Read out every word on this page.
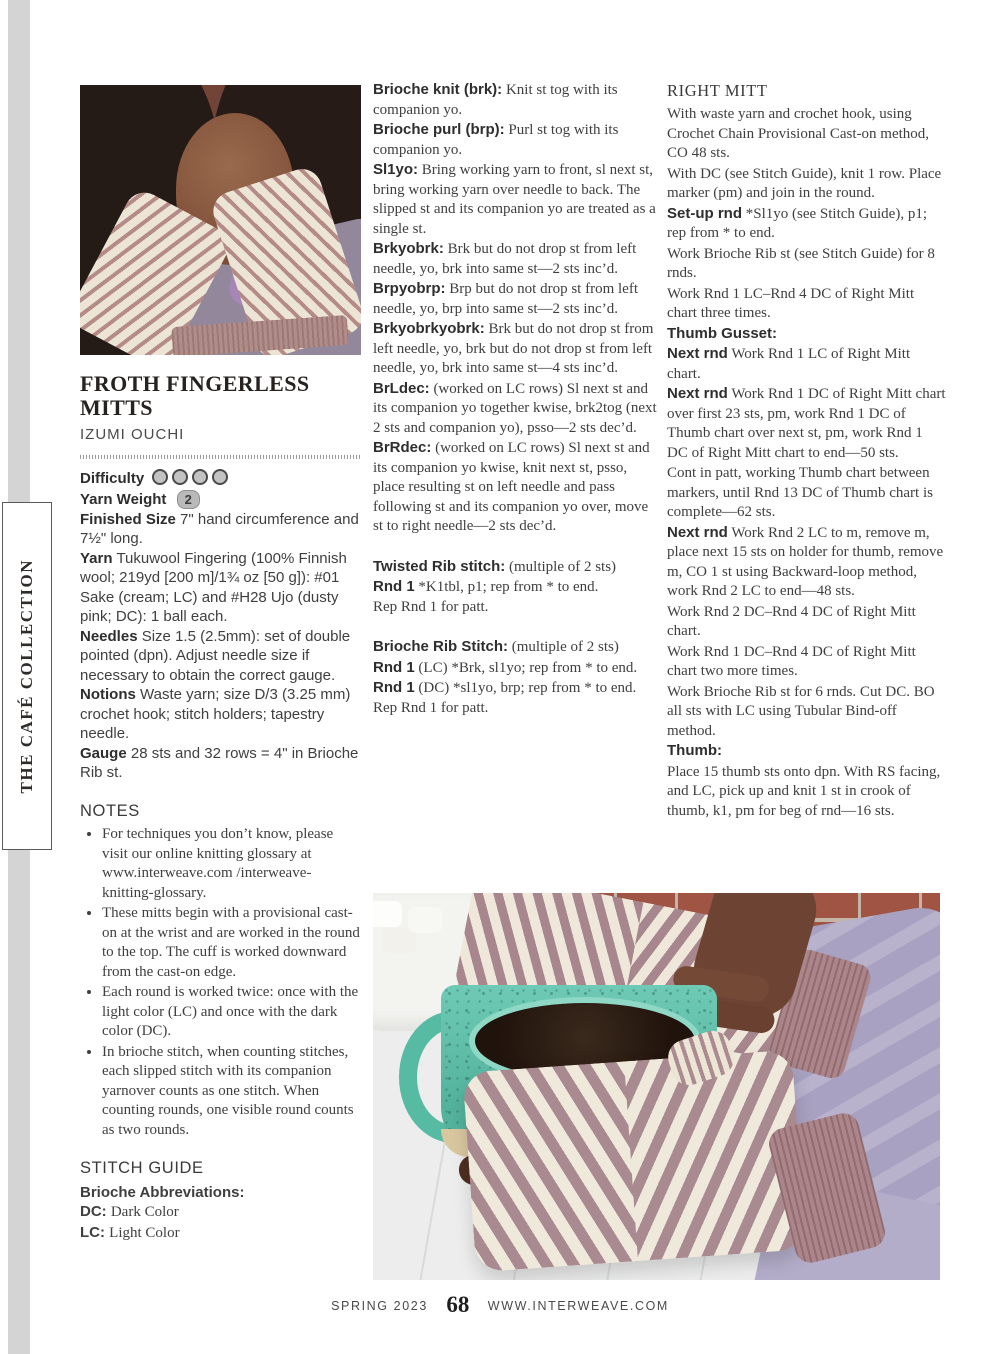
THE CAFÉ COLLECTION
FROTH FINGERLESS
MITTS
IZUMI OUCHI

Difficulty

Yarn Weight 2

Finished Size 7" hand circumference and 7½" long.

Yarn Tukuwool Fingering (100% Finnish wool; 219yd [200 m]/1¾ oz [50 g]): #01 Sake (cream; LC) and #H28 Ujo (dusty pink; DC): 1 ball each.

Needles Size 1.5 (2.5mm): set of double pointed (dpn). Adjust needle size if necessary to obtain the correct gauge.

Notions Waste yarn; size D/3 (3.25 mm) crochet hook; stitch holders; tapestry needle.

Gauge 28 sts and 32 rows = 4" in Brioche Rib st.

NOTES
• For techniques you don’t know, please visit our online knitting glossary at www.interweave.com /interweave-knitting-glossary.
• These mitts begin with a provisional cast-on at the wrist and are worked in the round to the top. The cuff is worked downward from the cast-on edge.
• Each round is worked twice: once with the light color (LC) and once with the dark color (DC).
• In brioche stitch, when counting stitches, each slipped stitch with its companion yarnover counts as one stitch. When counting rounds, one visible round counts as two rounds.
STITCH GUIDE

Brioche Abbreviations:

DC: Dark Color

LC: Light Color

Brioche knit (brk): Knit st tog with its companion yo.

Brioche purl (brp): Purl st tog with its companion yo.

Sl1yo: Bring working yarn to front, sl next st, bring working yarn over needle to back. The slipped st and its companion yo are treated as a single st.

Brkyobrk: Brk but do not drop st from left needle, yo, brk into same st—2 sts inc’d.

Brpyobrp: Brp but do not drop st from left needle, yo, brp into same st—2 sts inc’d.

Brkyobrkyobrk: Brk but do not drop st from left needle, yo, brk but do not drop st from left needle, yo, brk into same st—4 sts inc’d.

BrLdec: (worked on LC rows) Sl next st and its companion yo together kwise, brk2tog (next 2 sts and companion yo), psso—2 sts dec’d.

BrRdec: (worked on LC rows) Sl next st and its companion yo kwise, knit next st, psso, place resulting st on left needle and pass following st and its companion yo over, move st to right needle—2 sts dec’d.

Twisted Rib stitch: (multiple of 2 sts)

Rnd 1 *K1tbl, p1; rep from * to end.

Rep Rnd 1 for patt.

Brioche Rib Stitch: (multiple of 2 sts)

Rnd 1 (LC) *Brk, sl1yo; rep from * to end.

Rnd 1 (DC) *sl1yo, brp; rep from * to end.

Rep Rnd 1 for patt.

RIGHT MITT

With waste yarn and crochet hook, using Crochet Chain Provisional Cast-on method, CO 48 sts.

With DC (see Stitch Guide), knit 1 row. Place marker (pm) and join in the round.

Set-up rnd *Sl1yo (see Stitch Guide), p1; rep from * to end.

Work Brioche Rib st (see Stitch Guide) for 8 rnds.

Work Rnd 1 LC–Rnd 4 DC of Right Mitt chart three times.

Thumb Gusset:

Next rnd Work Rnd 1 LC of Right Mitt chart.

Next rnd Work Rnd 1 DC of Right Mitt chart over first 23 sts, pm, work Rnd 1 DC of Thumb chart over next st, pm, work Rnd 1 DC of Right Mitt chart to end—50 sts.

Cont in patt, working Thumb chart between markers, until Rnd 13 DC of Thumb chart is complete—62 sts.

Next rnd Work Rnd 2 LC to m, remove m, place next 15 sts on holder for thumb, remove m, CO 1 st using Backward-loop method, work Rnd 2 LC to end—48 sts.

Work Rnd 2 DC–Rnd 4 DC of Right Mitt chart.

Work Rnd 1 DC–Rnd 4 DC of Right Mitt chart two more times.

Work Brioche Rib st for 6 rnds. Cut DC. BO all sts with LC using Tubular Bind-off method.

Thumb:

Place 15 thumb sts onto dpn. With RS facing, and LC, pick up and knit 1 st in crook of thumb, k1, pm for beg of rnd—16 sts.

SPRING 2023 68 WWW.INTERWEAVE.COM
